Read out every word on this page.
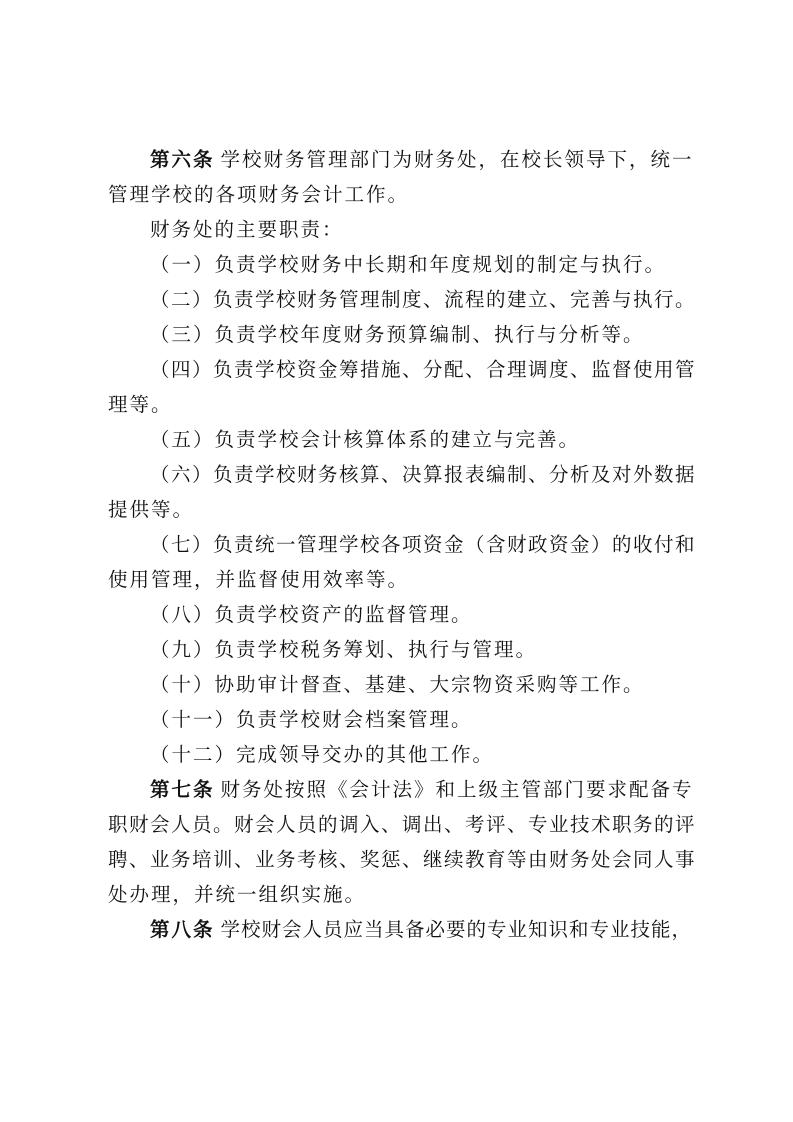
第六条 学校财务管理部门为财务处，在校长领导下，统一
管理学校的各项财务会计工作。
财务处的主要职责：
（一）负责学校财务中长期和年度规划的制定与执行。
（二）负责学校财务管理制度、流程的建立、完善与执行。
（三）负责学校年度财务预算编制、执行与分析等。
（四）负责学校资金筹措施、分配、合理调度、监督使用管
理等。
（五）负责学校会计核算体系的建立与完善。
（六）负责学校财务核算、决算报表编制、分析及对外数据
提供等。
（七）负责统一管理学校各项资金（含财政资金）的收付和
使用管理，并监督使用效率等。
（八）负责学校资产的监督管理。
（九）负责学校税务筹划、执行与管理。
（十）协助审计督查、基建、大宗物资采购等工作。
（十一）负责学校财会档案管理。
（十二）完成领导交办的其他工作。
第七条 财务处按照《会计法》和上级主管部门要求配备专
职财会人员。财会人员的调入、调出、考评、专业技术职务的评
聘、业务培训、业务考核、奖惩、继续教育等由财务处会同人事
处办理，并统一组织实施。
第八条 学校财会人员应当具备必要的专业知识和专业技能，
